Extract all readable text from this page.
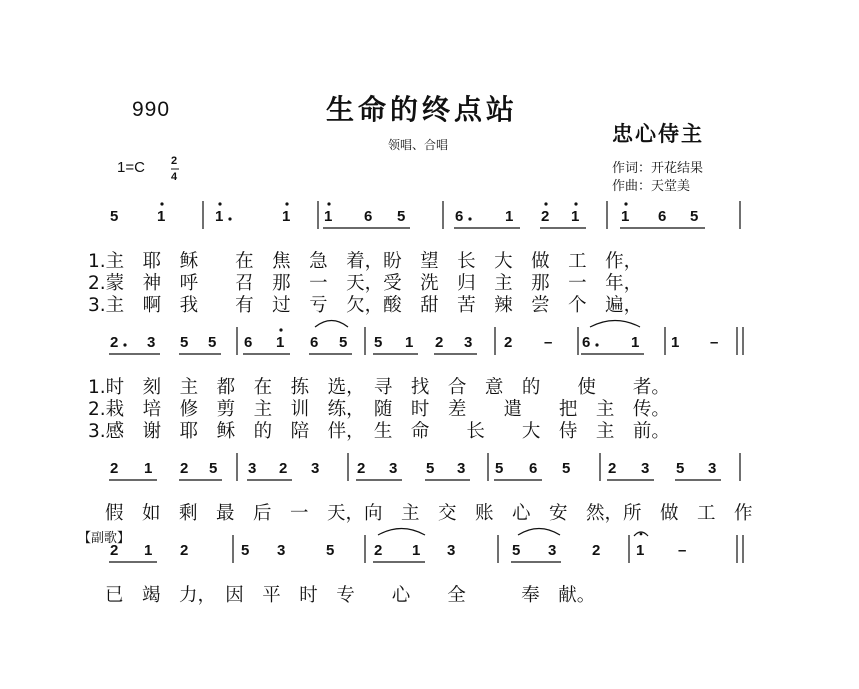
990	生命的终点站
领唱、合唱	忠心侍主
作词：开花结果
作曲：天堂美
1=C 2
4
5	1	1	1 1 6 5	6	1 2 1	1 6 5
2 3 5 5 6 1 6 5 5 1 2 3 2 – 6	1 1 –
2 1 2 5 3 2 3	2 3 5 3 5 6 5	2 3 5 3
2 1 2	5 3	5	2 1 3	5 3 2 1 –
1.主　耶　稣　　在　焦　急　着，盼　望　长　大　做　工　作，
2.蒙　神　呼　　召　那　一　天，受　洗　归　主　那　一　年，
3.主　啊　我　　有　过　亏　欠，酸　甜　苦　辣　尝　个　遍，
1.时　刻　主　都　在　拣　选，　寻　找　合　意　的　　使　　者。
2.栽　培　修　剪　主　训　练，　随　时　差　　遣　　把　主　传。
3.感　谢　耶　稣　的　陪　伴，　生　命　　长　　大　侍　主　前。
假　如　剩　最　后　一　天，向　主　交　账　心　安　然，所　做　工　作
【副歌】
已　竭　力，　因　平　时　专　　心　　全　　　奉　献。
